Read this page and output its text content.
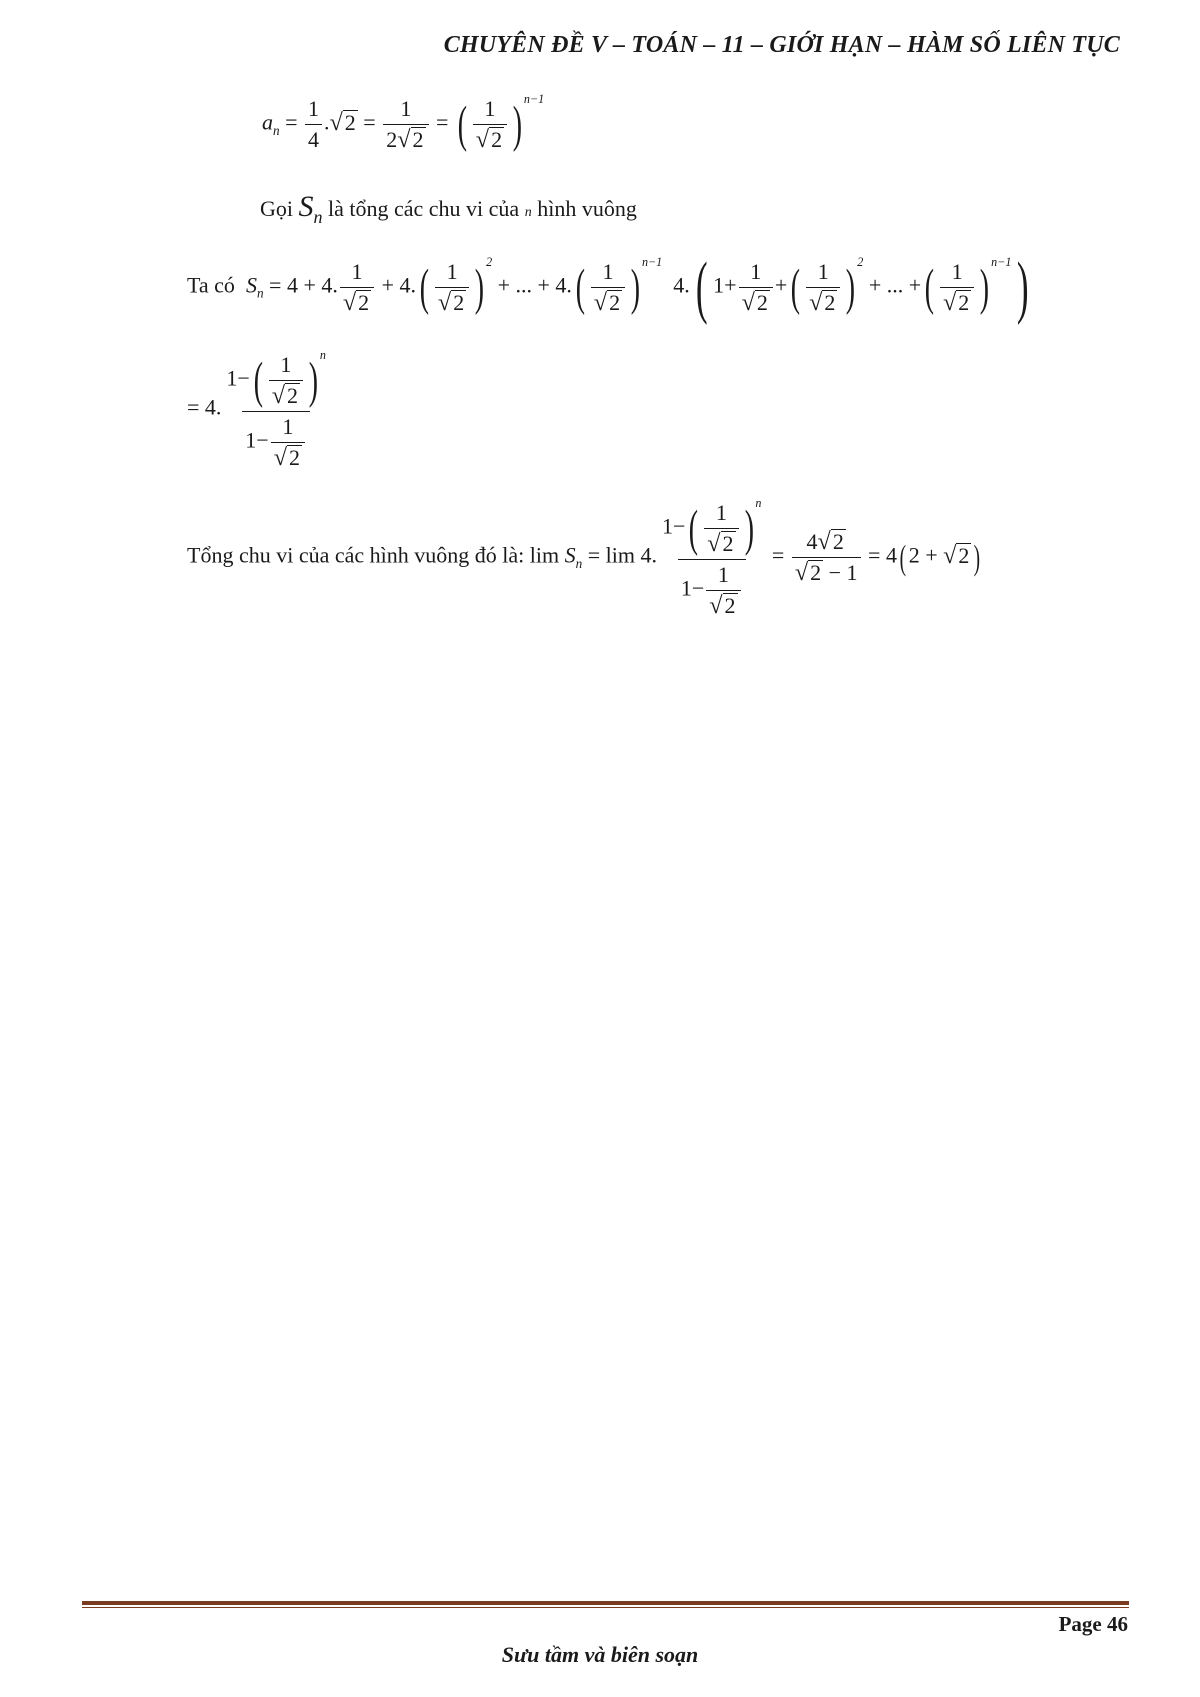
CHUYÊN ĐỀ V – TOÁN – 11 – GIỚI HẠN – HÀM SỐ LIÊN TỤC
$a_n = \frac{1}{4}$ . √ $2 = \frac{1}{2 √ 2}$ = ( $\frac{1}{√ 2}$ ) $^{n-1}$
Gọi $S_n$ là tổng các chu vi của n hình vuông
Ta có  $S_n = 4 + 4$. $\frac{1}{√ 2} + 4.( \frac{1}{√ 2}$ ) $^2$ + ... + $4.( \frac{1}{√ 2}$ ) $^{n-1}$  4.( $1+ \frac{1}{√ 2}$ +( $\frac{1}{√ 2}$ ) $^2$ + ... +( $\frac{1}{√ 2}$ ) $^{n-1}$)
= 4. $\frac{1-( \frac{1}{√ 2} ) ^n}{1- \frac{1}{√ 2}}$
Tổng chu vi của các hình vuông đó là: $\lim S_n = \lim 4$. $\frac{1-( \frac{1}{√ 2} ) ^n}{1- \frac{1}{√ 2}} = \frac{4 √ 2}{√ 2 - 1} = 4$( 2 + √ 2 )
Page 46
Sưu tầm và biên soạn
